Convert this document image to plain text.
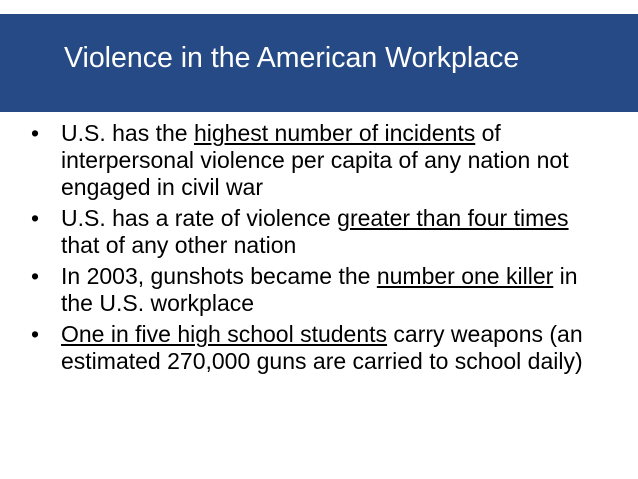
Violence in the American Workplace
• U.S. has the highest number of incidents of interpersonal violence per capita of any nation not engaged in civil war
• U.S. has a rate of violence greater than four times that of any other nation
• In 2003, gunshots became the number one killer in the U.S. workplace
• One in five high school students carry weapons (an estimated 270,000 guns are carried to school daily)
